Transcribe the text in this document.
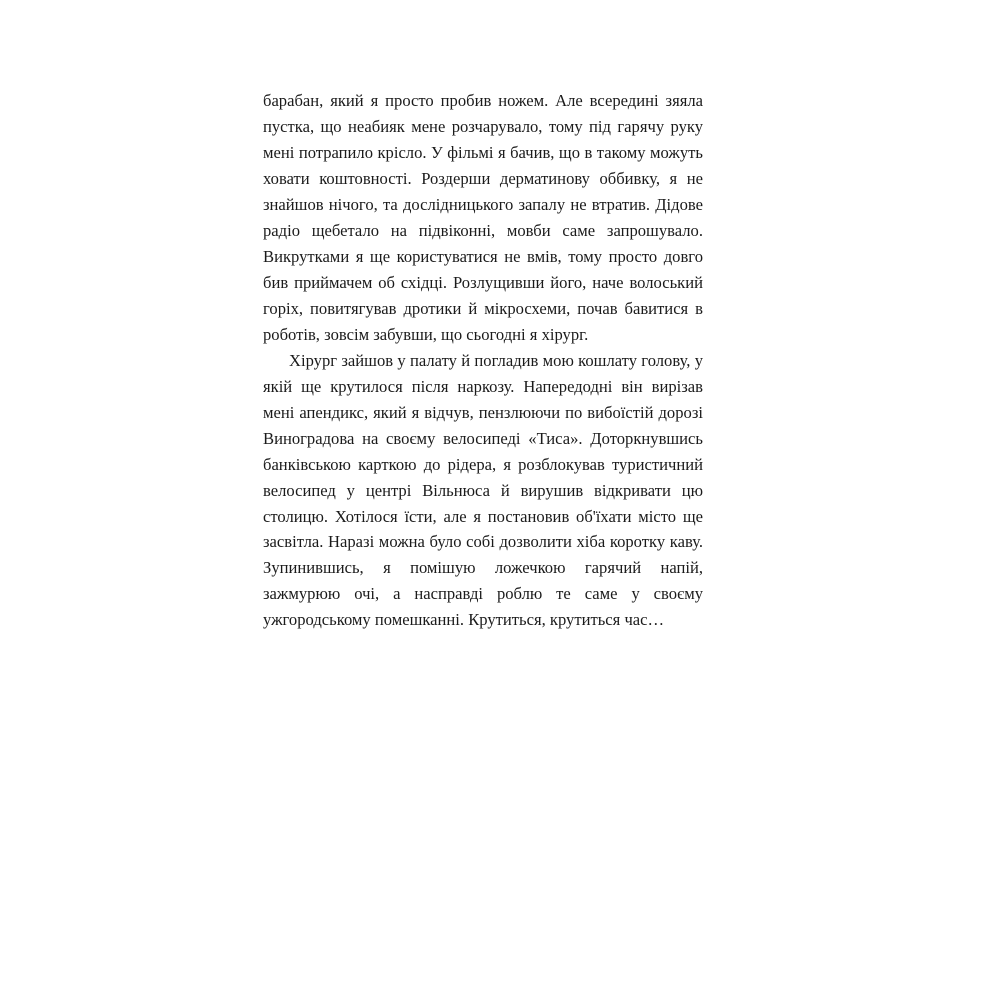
барабан, який я просто пробив ножем. Але всередині зяяла пустка, що неабияк мене розчарувало, тому під гарячу руку мені потрапило крісло. У фільмі я бачив, що в такому можуть ховати коштовності. Роздерши дерматинову оббивку, я не знайшов нічого, та дослідницького запалу не втратив. Дідове радіо щебетало на підвіконні, мовби саме запрошувало. Викрутками я ще користуватися не вмів, тому просто довго бив приймачем об східці. Розлущивши його, наче волоський горіх, повитягував дротики й мікросхеми, почав бавитися в роботів, зовсім забувши, що сьогодні я хірург.

Хірург зайшов у палату й погладив мою кошлату голову, у якій ще крутилося після наркозу. Напередодні він вирізав мені апендикс, який я відчув, пензлюючи по вибоїстій дорозі Виноградова на своєму велосипеді «Тиса». Доторкнувшись банківською карткою до рідера, я розблокував туристичний велосипед у центрі Вільнюса й вирушив відкривати цю столицю. Хотілося їсти, але я постановив об'їхати місто ще засвітла. Наразі можна було собі дозволити хіба коротку каву. Зупинившись, я помішую ложечкою гарячий напій, зажмурюю очі, а насправді роблю те саме у своєму ужгородському помешканні. Крутиться, крутиться час…
